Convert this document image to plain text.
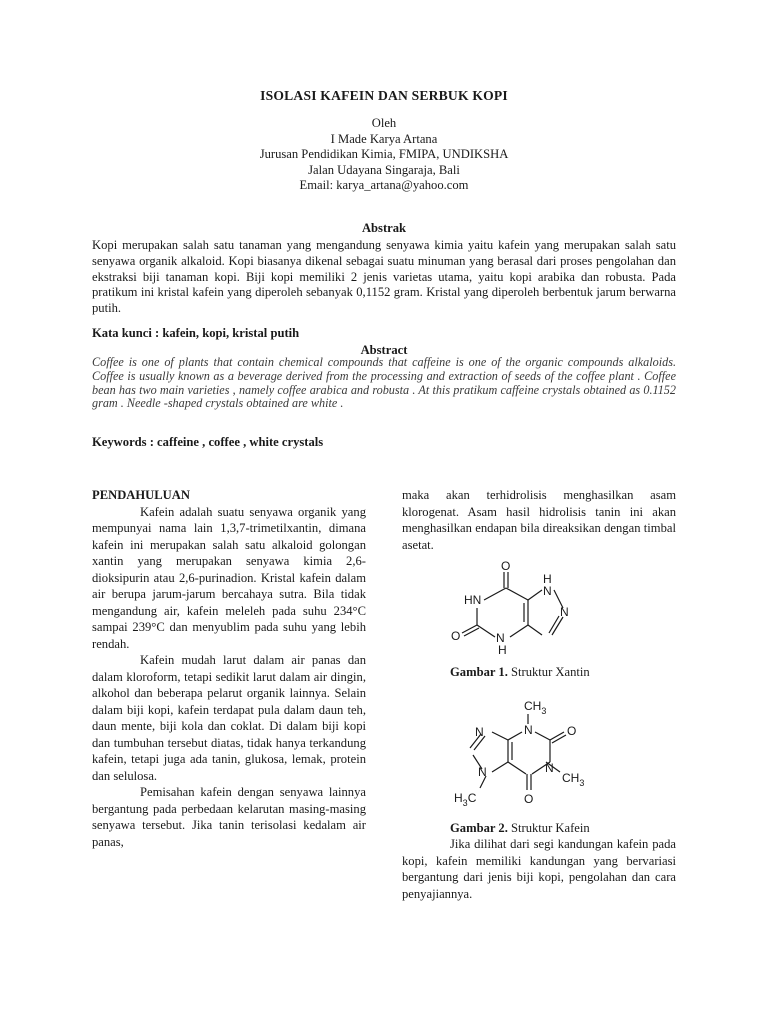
ISOLASI KAFEIN DAN SERBUK KOPI
Oleh
I Made Karya Artana
Jurusan Pendidikan Kimia, FMIPA, UNDIKSHA
Jalan Udayana Singaraja, Bali
Email: karya_artana@yahoo.com
Abstrak
Kopi merupakan salah satu tanaman yang mengandung senyawa kimia yaitu kafein yang merupakan salah satu senyawa organik alkaloid. Kopi biasanya dikenal sebagai suatu minuman yang berasal dari proses pengolahan dan ekstraksi biji tanaman kopi. Biji kopi memiliki 2 jenis varietas utama, yaitu kopi arabika dan robusta. Pada pratikum ini kristal kafein yang diperoleh sebanyak 0,1152 gram. Kristal yang diperoleh berbentuk jarum berwarna putih.
Kata kunci : kafein, kopi, kristal putih
Abstract
Coffee is one of plants that contain chemical compounds that caffeine is one of the organic compounds alkaloids. Coffee is usually known as a beverage derived from the processing and extraction of seeds of the coffee plant . Coffee bean has two main varieties , namely coffee arabica and robusta . At this pratikum caffeine crystals obtained as 0.1152 gram . Needle -shaped crystals obtained are white .
Keywords : caffeine , coffee , white crystals

PENDAHULUAN

Kafein adalah suatu senyawa organik yang mempunyai nama lain 1,3,7-trimetilxantin, dimana kafein ini merupakan salah satu alkaloid golongan xantin yang merupakan senyawa kimia 2,6-dioksipurin atau 2,6-purinadion. Kristal kafein dalam air berupa jarum-jarum bercahaya sutra. Bila tidak mengandung air, kafein meleleh pada suhu 234°C sampai 239°C dan menyublim pada suhu yang lebih rendah.

Kafein mudah larut dalam air panas dan dalam kloroform, tetapi sedikit larut dalam air dingin, alkohol dan beberapa pelarut organik lainnya. Selain dalam biji kopi, kafein terdapat pula dalam daun teh, daun mente, biji kola dan coklat. Di dalam biji kopi dan tumbuhan tersebut diatas, tidak hanya terkandung kafein, tetapi juga ada tanin, glukosa, lemak, protein dan selulosa.

Pemisahan kafein dengan senyawa lainnya bergantung pada perbedaan kelarutan masing-masing senyawa tersebut. Jika tanin terisolasi kedalam air panas,

maka akan terhidrolisis menghasilkan asam klorogenat. Asam hasil hidrolisis tanin ini akan menghasilkan endapan bila direaksikan dengan timbal asetat.
O
HN
H
N
N
O	N
H
Gambar 1. Struktur Xantin
$CH_3$
N	O
N
N
$CH_3$
N
$H_3C$	O
Gambar 2. Struktur Kafein
Jika dilihat dari segi kandungan kafein pada kopi, kafein memiliki kandungan yang bervariasi bergantung dari jenis biji kopi, pengolahan dan cara penyajiannya.
